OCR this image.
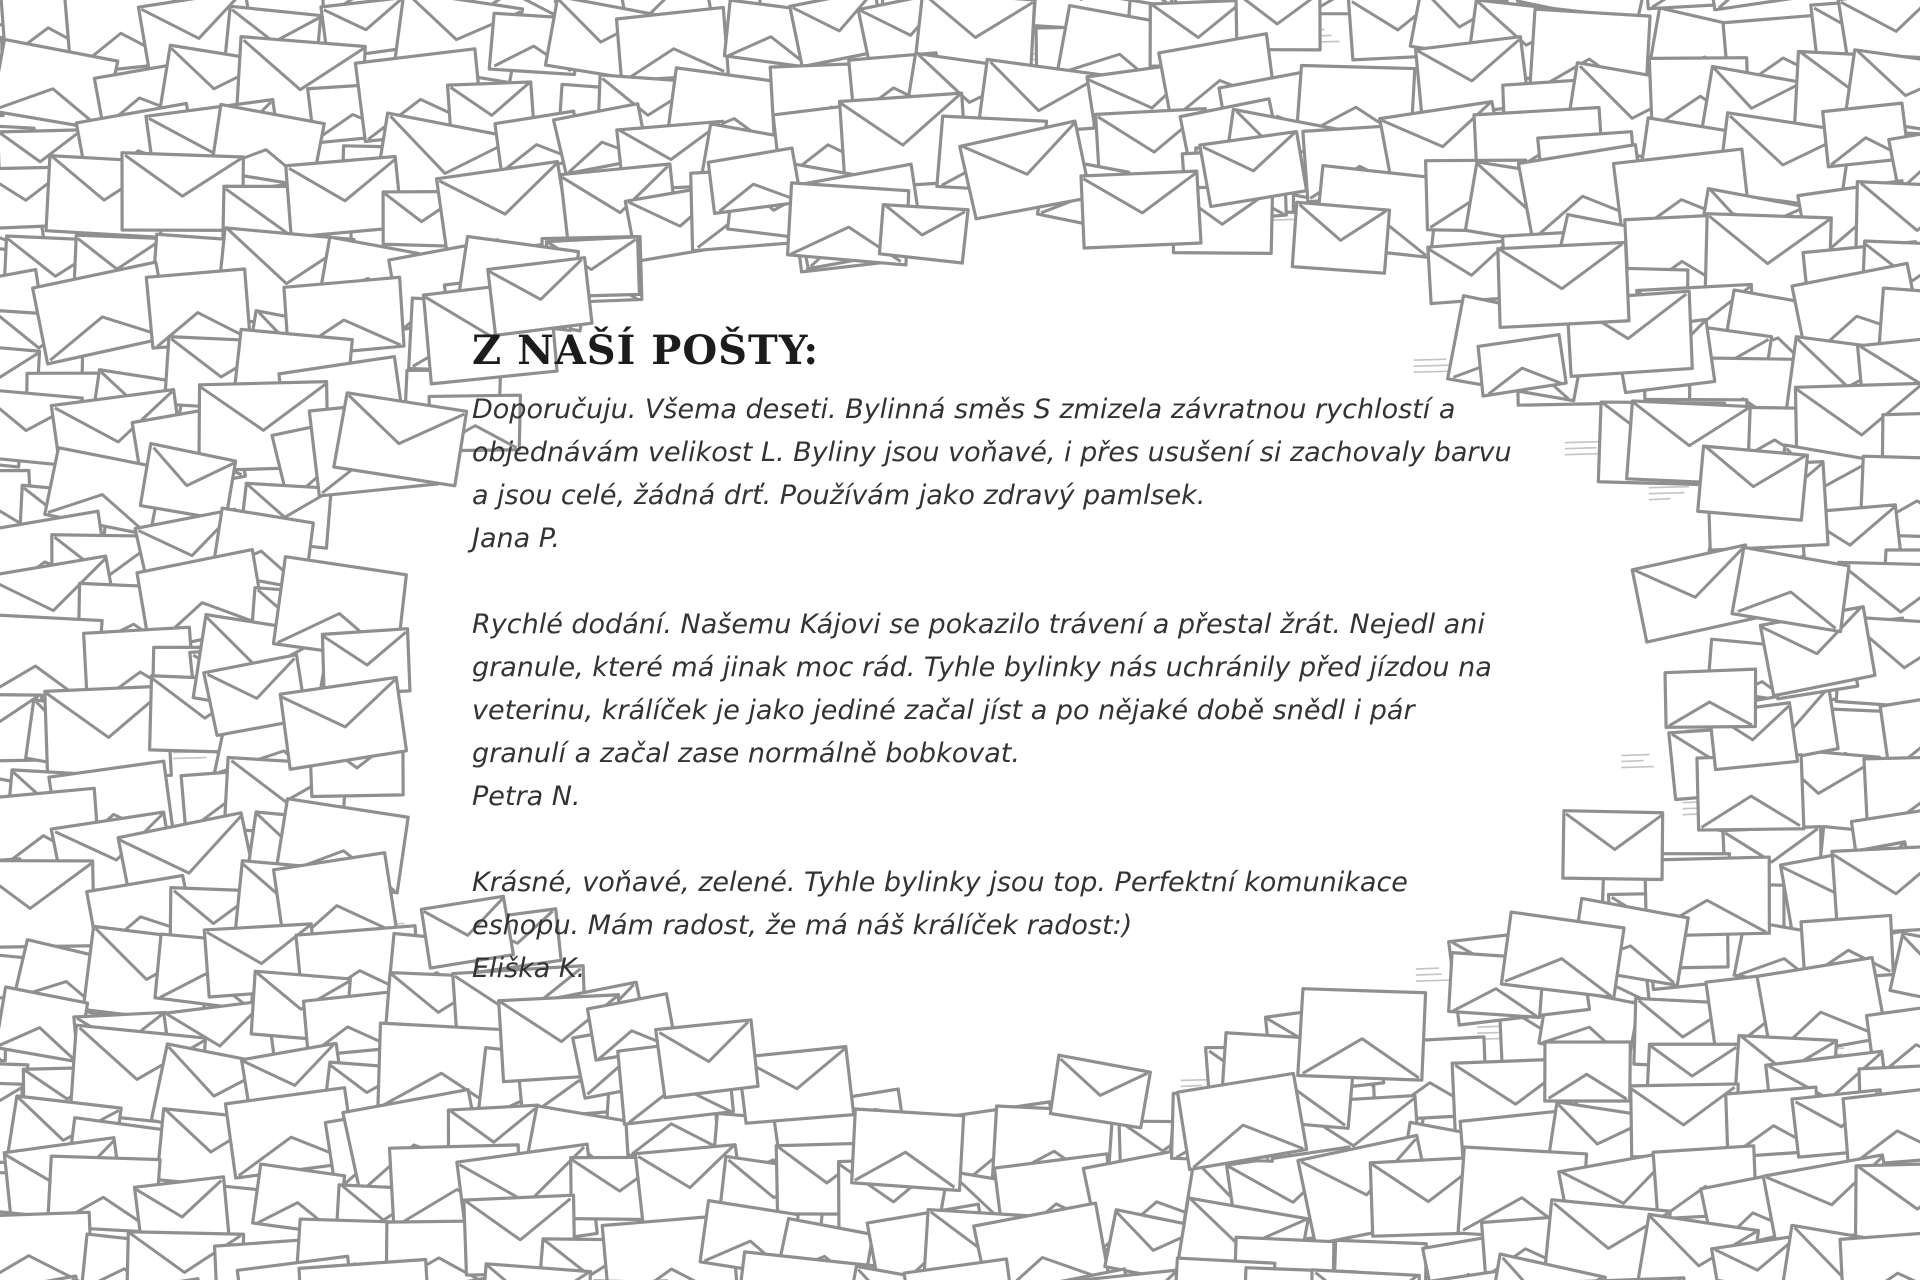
Z NAŠÍ POŠTY:

Doporučuju. Všema deseti. Bylinná směs S zmizela závratnou rychlostí a

objednávám velikost L. Byliny jsou voňavé, i přes usušení si zachovaly barvu

a jsou celé, žádná drť. Používám jako zdravý pamlsek.

Jana P.

Rychlé dodání. Našemu Kájovi se pokazilo trávení a přestal žrát. Nejedl ani

granule, které má jinak moc rád. Tyhle bylinky nás uchránily před jízdou na

veterinu, králíček je jako jediné začal jíst a po nějaké době snědl i pár

granulí a začal zase normálně bobkovat.

Petra N.

Krásné, voňavé, zelené. Tyhle bylinky jsou top. Perfektní komunikace

eshopu. Mám radost, že má náš králíček radost:)

Eliška K.
